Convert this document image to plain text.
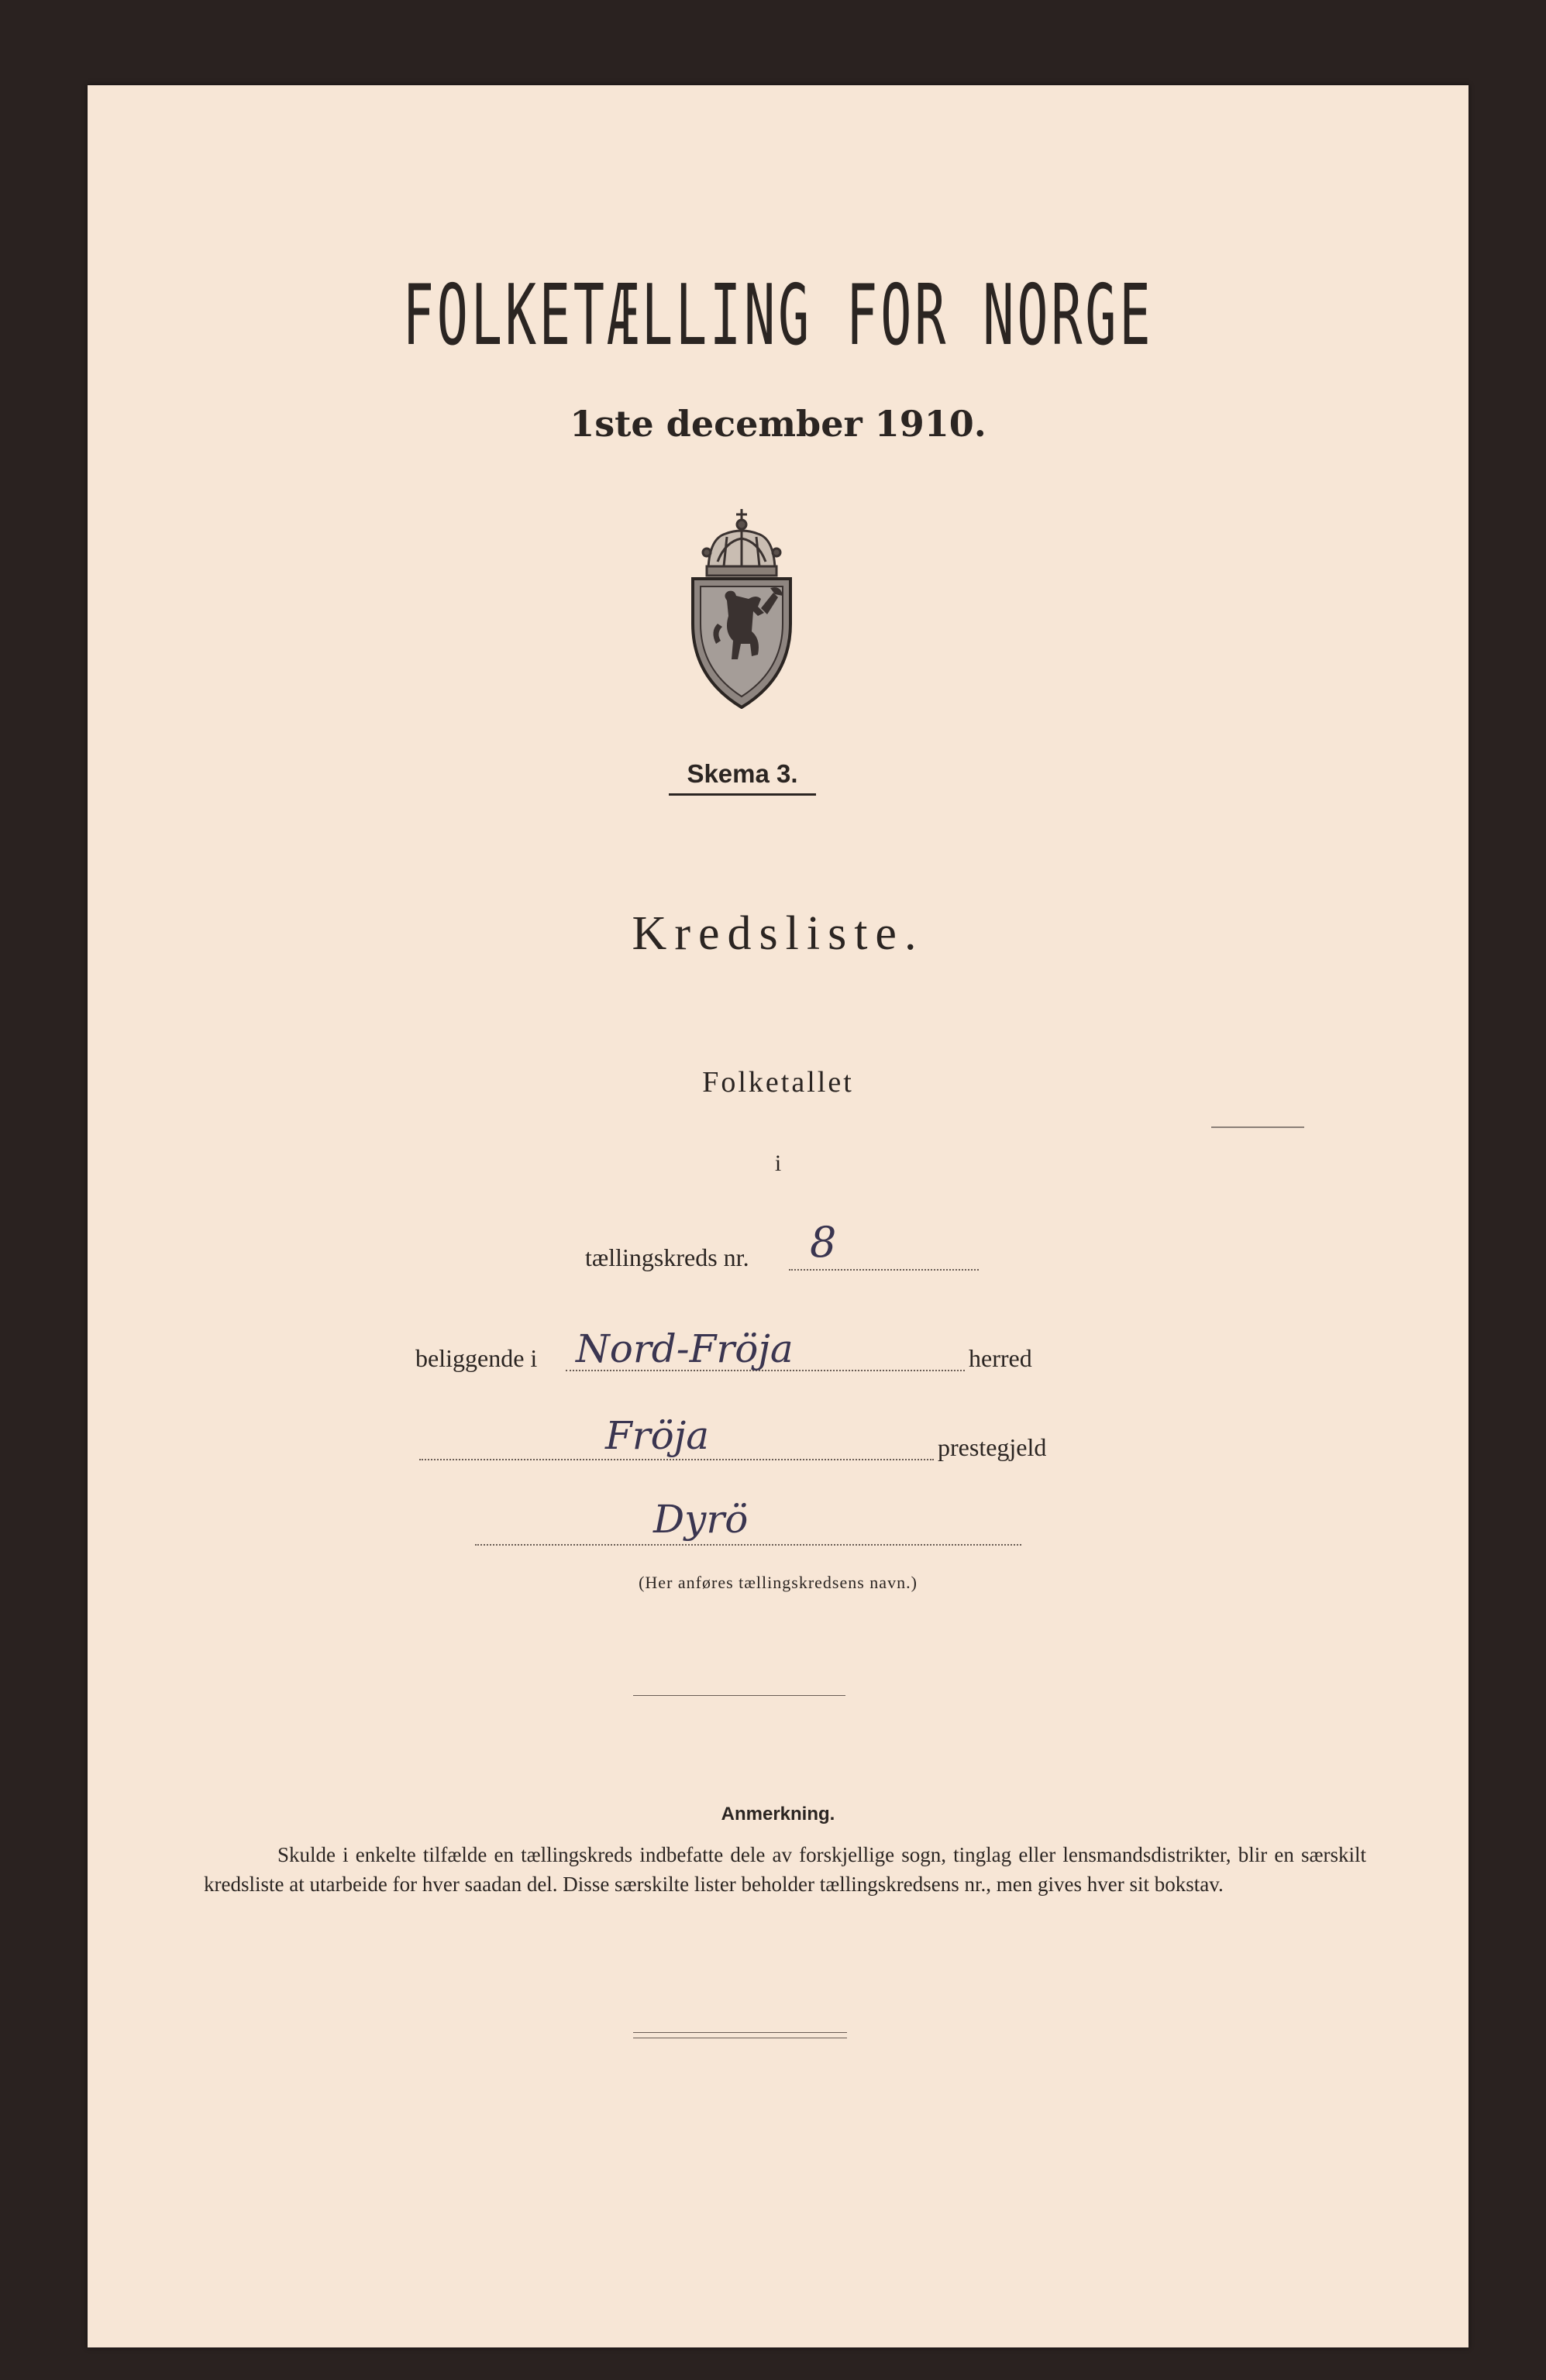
FOLKETÆLLING FOR NORGE
1ste december 1910.
Skema 3.
Kredsliste.
Folketallet
i
tællingskreds nr. 8
beliggende i Nord-Fröja	herred
Fröja	prestegjeld
Dyrö
(Her anføres tællingskredsens navn.)
Anmerkning.
Skulde i enkelte tilfælde en tællingskreds indbefatte dele av forskjellige sogn, tinglag eller lensmandsdistrikter, blir en særskilt kredsliste at utarbeide for hver saadan del. Disse særskilte lister beholder tællingskredsens nr., men gives hver sit bokstav.
